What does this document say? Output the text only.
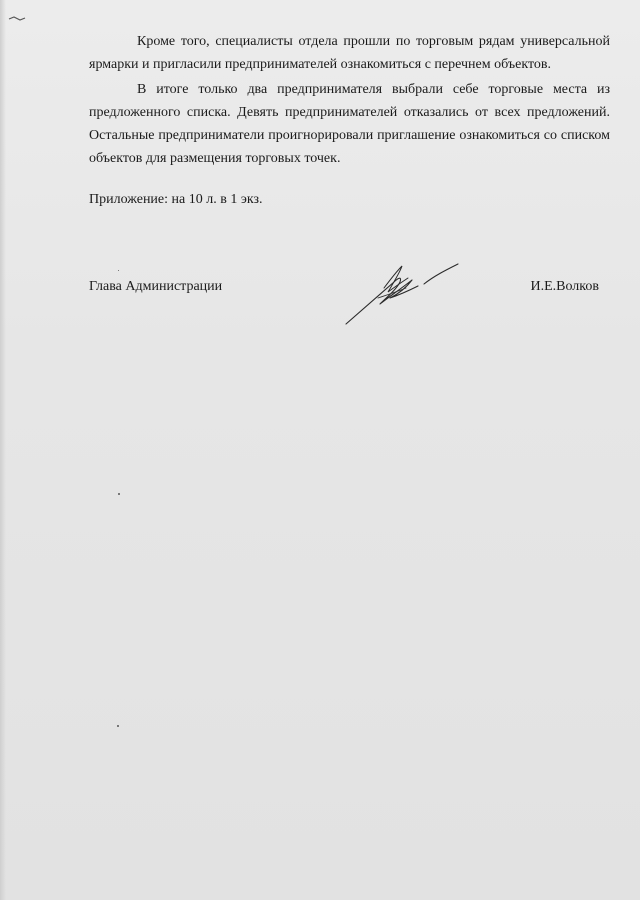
Кроме того, специалисты отдела прошли по торговым рядам универсальной ярмарки и пригласили предпринимателей ознакомиться с перечнем объектов.

В итоге только два предпринимателя выбрали себе торговые места из предложенного списка. Девять предпринимателей отказались от всех предложений. Остальные предприниматели проигнорировали приглашение ознакомиться со списком объектов для размещения торговых точек.

Приложение: на 10 л. в 1 экз.

Глава Администрации	И.Е.Волков
